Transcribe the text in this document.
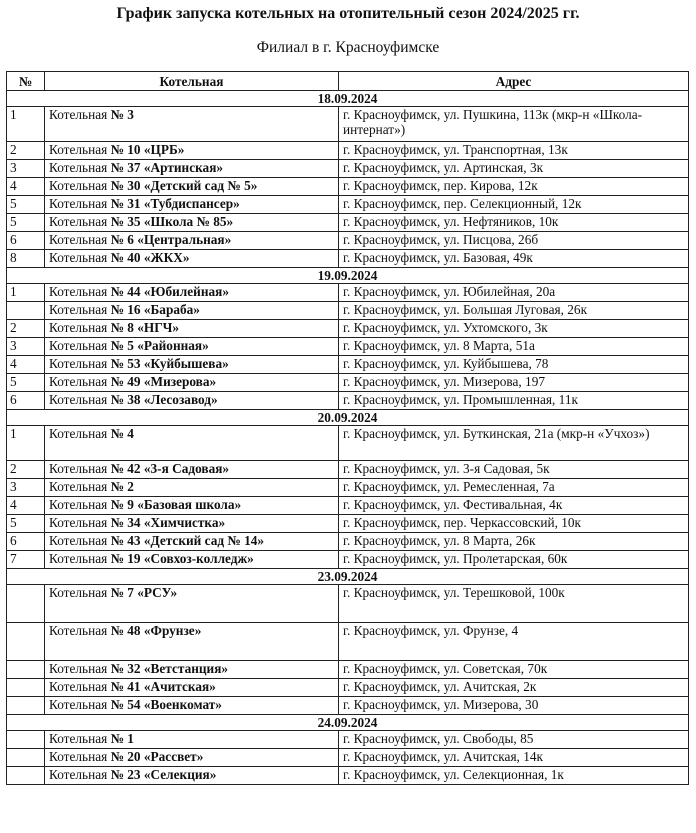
График запуска котельных на отопительный сезон 2024/2025 гг.
Филиал в г. Красноуфимске
№	Котельная	Адрес
18.09.2024		
1	Котельная № 3	г. Красноуфимск, ул. Пушкина, 113к (мкр-н «Школа-интернат»)
2	Котельная № 10 «ЦРБ»	г. Красноуфимск, ул. Транспортная, 13к
3	Котельная № 37 «Артинская»	г. Красноуфимск, ул. Артинская, 3к
4	Котельная № 30 «Детский сад № 5»	г. Красноуфимск, пер. Кирова, 12к
5	Котельная № 31 «Тубдиспансер»	г. Красноуфимск, пер. Селекционный, 12к
5	Котельная № 35 «Школа № 85»	г. Красноуфимск, ул. Нефтяников, 10к
6	Котельная № 6 «Центральная»	г. Красноуфимск, ул. Писцова, 26б
8	Котельная № 40 «ЖКХ»	г. Красноуфимск, ул. Базовая, 49к
19.09.2024		
1	Котельная № 44 «Юбилейная»	г. Красноуфимск, ул. Юбилейная, 20а
	Котельная № 16 «Бараба»	г. Красноуфимск, ул. Большая Луговая, 26к
2	Котельная № 8 «НГЧ»	г. Красноуфимск, ул. Ухтомского, 3к
3	Котельная № 5 «Районная»	г. Красноуфимск, ул. 8 Марта, 51а
4	Котельная № 53 «Куйбышева»	г. Красноуфимск, ул. Куйбышева, 78
5	Котельная № 49 «Мизерова»	г. Красноуфимск, ул. Мизерова, 197
6	Котельная № 38 «Лесозавод»	г. Красноуфимск, ул. Промышленная, 11к
20.09.2024		
1	Котельная № 4	г. Красноуфимск, ул. Буткинская, 21а (мкр-н «Учхоз»)
2	Котельная № 42 «3-я Садовая»	г. Красноуфимск, ул. 3-я Садовая, 5к
3	Котельная № 2	г. Красноуфимск, ул. Ремесленная, 7а
4	Котельная № 9 «Базовая школа»	г. Красноуфимск, ул. Фестивальная, 4к
5	Котельная № 34 «Химчистка»	г. Красноуфимск, пер. Черкассовский, 10к
6	Котельная № 43 «Детский сад № 14»	г. Красноуфимск, ул. 8 Марта, 26к
7	Котельная № 19 «Совхоз-колледж»	г. Красноуфимск, ул. Пролетарская, 60к
23.09.2024		
	Котельная № 7 «РСУ»	г. Красноуфимск, ул. Терешковой, 100к
	Котельная № 48 «Фрунзе»	г. Красноуфимск, ул. Фрунзе, 4
	Котельная № 32 «Ветстанция»	г. Красноуфимск, ул. Советская, 70к
	Котельная № 41 «Ачитская»	г. Красноуфимск, ул. Ачитская, 2к
	Котельная № 54 «Военкомат»	г. Красноуфимск, ул. Мизерова, 30
24.09.2024		
	Котельная № 1	г. Красноуфимск, ул. Свободы, 85
	Котельная № 20 «Рассвет»	г. Красноуфимск, ул. Ачитская, 14к
	Котельная № 23 «Селекция»	г. Красноуфимск, ул. Селекционная, 1к
